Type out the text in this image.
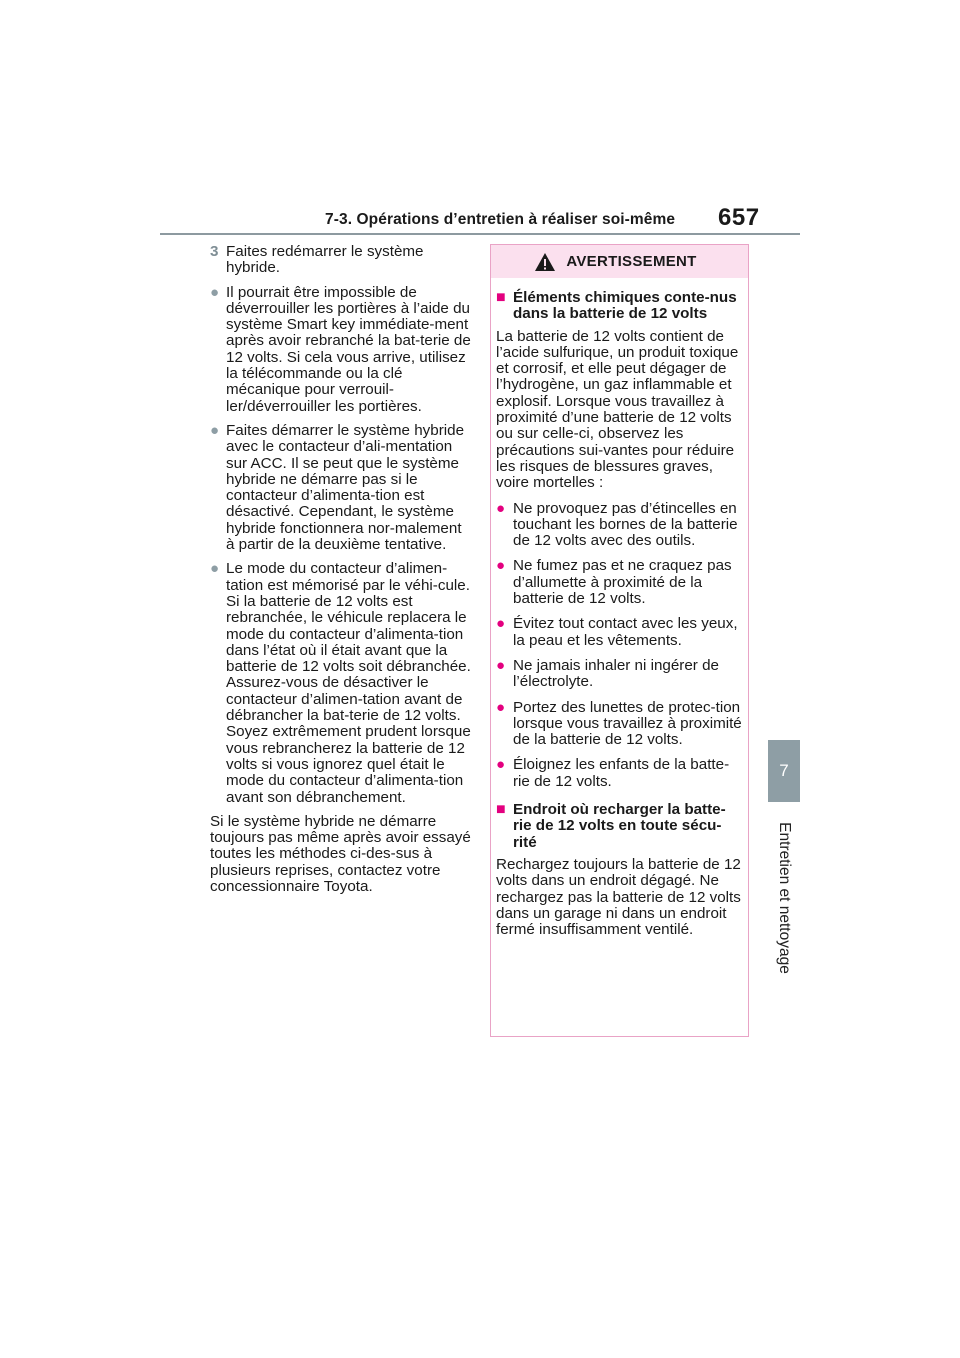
7-3. Opérations d’entretien à réaliser soi-même 657
7
Entretien et nettoyage
3 Faites redémarrer le système hybride.
● Il pourrait être impossible de déverrouiller les portières à l’aide du système Smart key immédiate-ment après avoir rebranché la bat-terie de 12 volts. Si cela vous arrive, utilisez la télécommande ou la clé mécanique pour verrouil-ler/déverrouiller les portières.
● Faites démarrer le système hybride avec le contacteur d’ali-mentation sur ACC. Il se peut que le système hybride ne démarre pas si le contacteur d’alimenta-tion est désactivé. Cependant, le système hybride fonctionnera nor-malement à partir de la deuxième tentative.
● Le mode du contacteur d’alimen-tation est mémorisé par le véhi-cule. Si la batterie de 12 volts est rebranchée, le véhicule replacera le mode du contacteur d’alimenta-tion dans l’état où il était avant que la batterie de 12 volts soit débranchée. Assurez-vous de désactiver le contacteur d’alimen-tation avant de débrancher la bat-terie de 12 volts. Soyez extrêmement prudent lorsque vous rebrancherez la batterie de 12 volts si vous ignorez quel était le mode du contacteur d’alimenta-tion avant son débranchement.

Si le système hybride ne démarre toujours pas même après avoir essayé toutes les méthodes ci-des-sus à plusieurs reprises, contactez votre concessionnaire Toyota.

AVERTISSEMENT
■ Éléments chimiques conte-nus dans la batterie de 12 volts

La batterie de 12 volts contient de l’acide sulfurique, un produit toxique et corrosif, et elle peut dégager de l’hydrogène, un gaz inflammable et explosif. Lorsque vous travaillez à proximité d’une batterie de 12 volts ou sur celle-ci, observez les précautions sui-vantes pour réduire les risques de blessures graves, voire mortelles :

● Ne provoquez pas d’étincelles en touchant les bornes de la batterie de 12 volts avec des outils.
● Ne fumez pas et ne craquez pas d’allumette à proximité de la batterie de 12 volts.
● Évitez tout contact avec les yeux, la peau et les vêtements.
● Ne jamais inhaler ni ingérer de l’électrolyte.
● Portez des lunettes de protec-tion lorsque vous travaillez à proximité de la batterie de 12 volts.
● Éloignez les enfants de la batte-rie de 12 volts.
■ Endroit où recharger la batte-rie de 12 volts en toute sécu-rité

Rechargez toujours la batterie de 12 volts dans un endroit dégagé. Ne rechargez pas la batterie de 12 volts dans un garage ni dans un endroit fermé insuffisamment ventilé.
